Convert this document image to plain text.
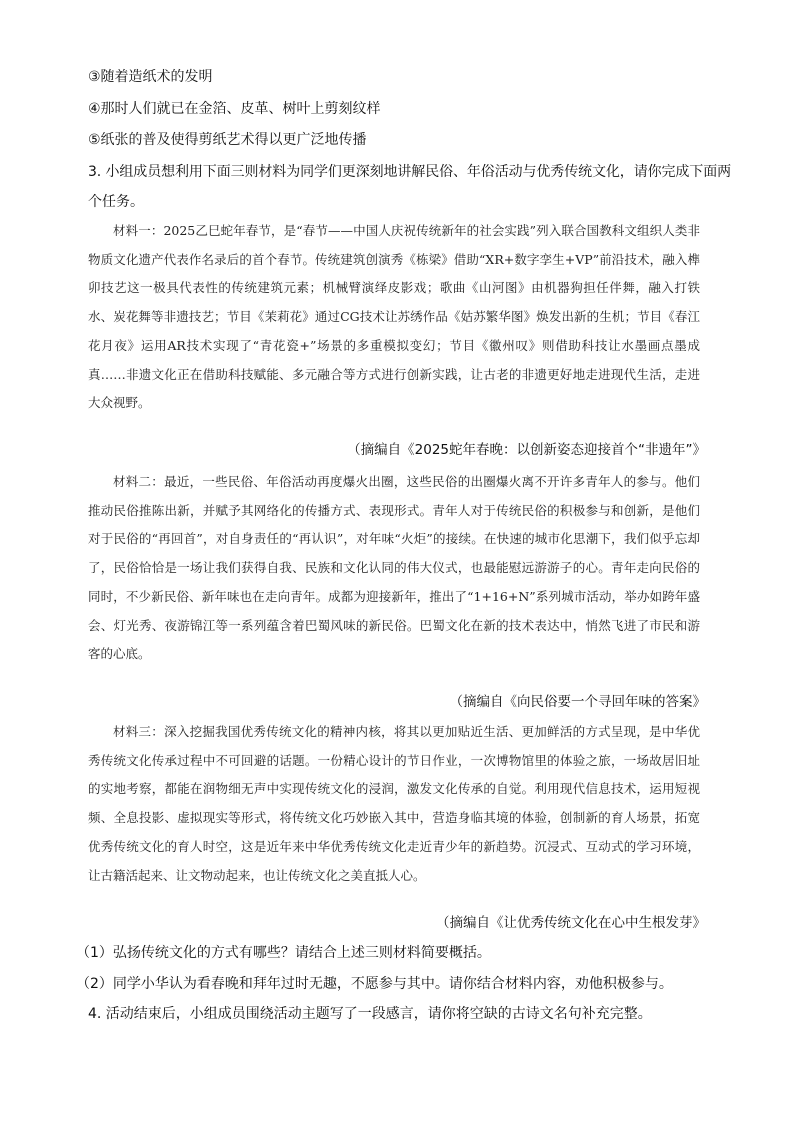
③随着造纸术的发明
④那时人们就已在金箔、皮革、树叶上剪刻纹样
⑤纸张的普及使得剪纸艺术得以更广泛地传播
3. 小组成员想利用下面三则材料为同学们更深刻地讲解民俗、年俗活动与优秀传统文化，请你完成下面两
个任务。

材料一：2025乙巳蛇年春节，是“春节——中国人庆祝传统新年的社会实践”列入联合国教科文组织人类非物质文化遗产代表作名录后的首个春节。传统建筑创演秀《栋梁》借助“XR+数字孪生+VP”前沿技术，融入榫卯技艺这一极具代表性的传统建筑元素；机械臂演绎皮影戏；歌曲《山河图》由机器狗担任伴舞，融入打铁水、炭花舞等非遗技艺；节目《茉莉花》通过CG技术让苏绣作品《姑苏繁华图》焕发出新的生机；节目《春江花月夜》运用AR技术实现了“青花瓷+”场景的多重模拟变幻；节目《徽州叹》则借助科技让水墨画点墨成真……非遗文化正在借助科技赋能、多元融合等方式进行创新实践，让古老的非遗更好地走进现代生活，走进大众视野。

（摘编自《2025蛇年春晚：以创新姿态迎接首个“非遗年”》

材料二：最近，一些民俗、年俗活动再度爆火出圈，这些民俗的出圈爆火离不开许多青年人的参与。他们推动民俗推陈出新，并赋予其网络化的传播方式、表现形式。青年人对于传统民俗的积极参与和创新，是他们对于民俗的“再回首”，对自身责任的“再认识”，对年味“火炬”的接续。在快速的城市化思潮下，我们似乎忘却了，民俗恰恰是一场让我们获得自我、民族和文化认同的伟大仪式，也最能慰远游游子的心。青年走向民俗的同时，不少新民俗、新年味也在走向青年。成都为迎接新年，推出了“1+16+N”系列城市活动，举办如跨年盛会、灯光秀、夜游锦江等一系列蕴含着巴蜀风味的新民俗。巴蜀文化在新的技术表达中，悄然飞进了市民和游客的心底。

（摘编自《向民俗要一个寻回年味的答案》

材料三：深入挖掘我国优秀传统文化的精神内核，将其以更加贴近生活、更加鲜活的方式呈现，是中华优秀传统文化传承过程中不可回避的话题。一份精心设计的节日作业，一次博物馆里的体验之旅，一场故居旧址的实地考察，都能在润物细无声中实现传统文化的浸润，激发文化传承的自觉。利用现代信息技术，运用短视频、全息投影、虚拟现实等形式，将传统文化巧妙嵌入其中，营造身临其境的体验，创制新的育人场景，拓宽优秀传统文化的育人时空，这是近年来中华优秀传统文化走近青少年的新趋势。沉浸式、互动式的学习环境，让古籍活起来、让文物动起来，也让传统文化之美直抵人心。

（摘编自《让优秀传统文化在心中生根发芽》
（1）弘扬传统文化的方式有哪些？请结合上述三则材料简要概括。
（2）同学小华认为看春晚和拜年过时无趣，不愿参与其中。请你结合材料内容，劝他积极参与。
4. 活动结束后，小组成员围绕活动主题写了一段感言，请你将空缺的古诗文名句补充完整。
